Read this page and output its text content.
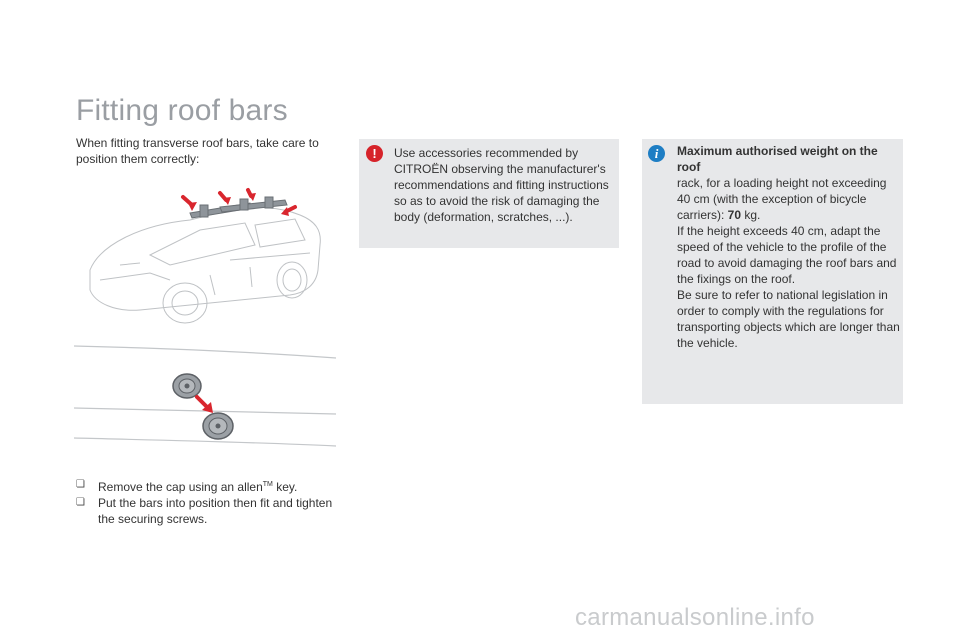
Fitting roof bars
When fitting transverse roof bars, take care to position them correctly:
❏	Remove the cap using an allen™ key.
❏	Put the bars into position then fit and tighten the securing screws.
!	Use accessories recommended by CITROËN observing the manufacturer's recommendations and fitting instructions so as to avoid the risk of damaging the body (deformation, scratches, ...).
i	Maximum authorised weight on the roof
rack, for a loading height not exceeding 40 cm (with the exception of bicycle carriers): 70 kg.
If the height exceeds 40 cm, adapt the speed of the vehicle to the profile of the road to avoid damaging the roof bars and the fixings on the roof.
Be sure to refer to national legislation in order to comply with the regulations for transporting objects which are longer than the vehicle.
carmanualsonline.info
